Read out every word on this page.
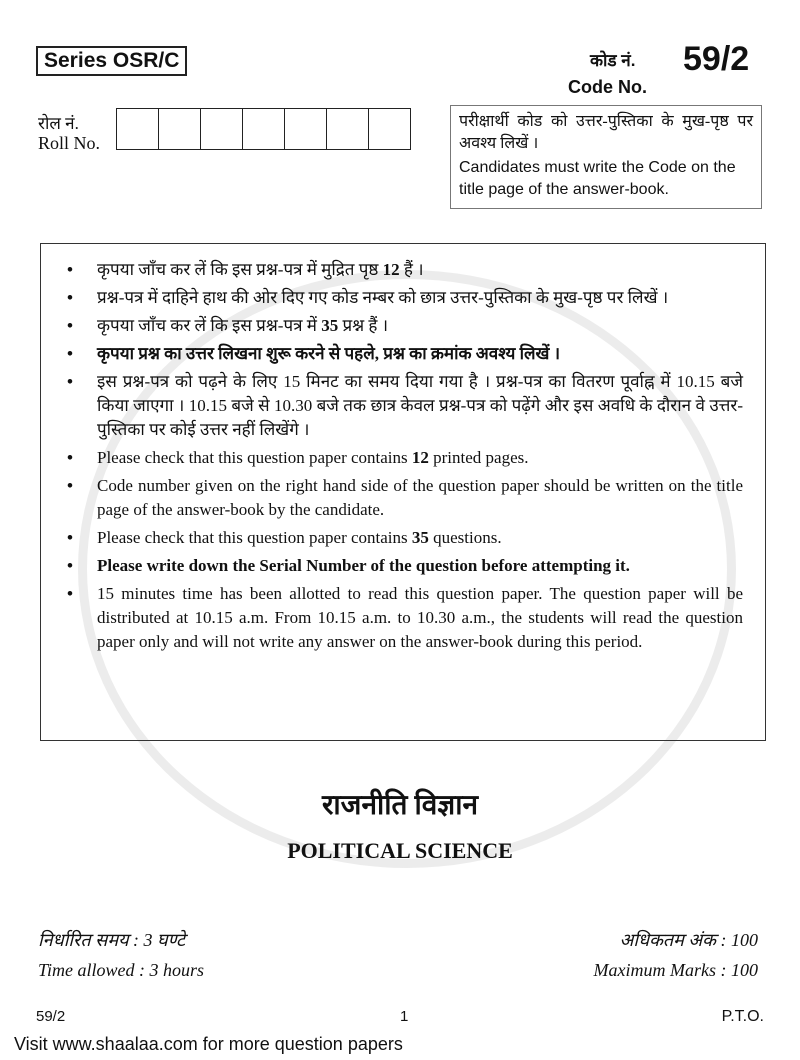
Series OSR/C	कोड नं. 59/2
Code No.
रोल नं.
Roll No.
परीक्षार्थी कोड को उत्तर-पुस्तिका के मुख-पृष्ठ पर अवश्य लिखें ।
Candidates must write the Code on the title page of the answer-book.
• कृपया जाँच कर लें कि इस प्रश्न-पत्र में मुद्रित पृष्ठ 12 हैं ।
• प्रश्न-पत्र में दाहिने हाथ की ओर दिए गए कोड नम्बर को छात्र उत्तर-पुस्तिका के मुख-पृष्ठ पर लिखें ।
• कृपया जाँच कर लें कि इस प्रश्न-पत्र में 35 प्रश्न हैं ।
• कृपया प्रश्न का उत्तर लिखना शुरू करने से पहले, प्रश्न का क्रमांक अवश्य लिखें ।
• इस प्रश्न-पत्र को पढ़ने के लिए 15 मिनट का समय दिया गया है । प्रश्न-पत्र का वितरण पूर्वाह्न में 10.15 बजे किया जाएगा । 10.15 बजे से 10.30 बजे तक छात्र केवल प्रश्न-पत्र को पढ़ेंगे और इस अवधि के दौरान वे उत्तर-पुस्तिका पर कोई उत्तर नहीं लिखेंगे ।
• Please check that this question paper contains 12 printed pages.
• Code number given on the right hand side of the question paper should be written on the title page of the answer-book by the candidate.
• Please check that this question paper contains 35 questions.
• Please write down the Serial Number of the question before attempting it.
• 15 minutes time has been allotted to read this question paper. The question paper will be distributed at 10.15 a.m. From 10.15 a.m. to 10.30 a.m., the students will read the question paper only and will not write any answer on the answer-book during this period.
राजनीति विज्ञान
POLITICAL SCIENCE
निर्धारित समय : 3 घण्टे
Time allowed : 3 hours
अधिकतम अंक : 100
Maximum Marks : 100
59/2	1	P.T.O.
Visit www.shaalaa.com for more question papers
